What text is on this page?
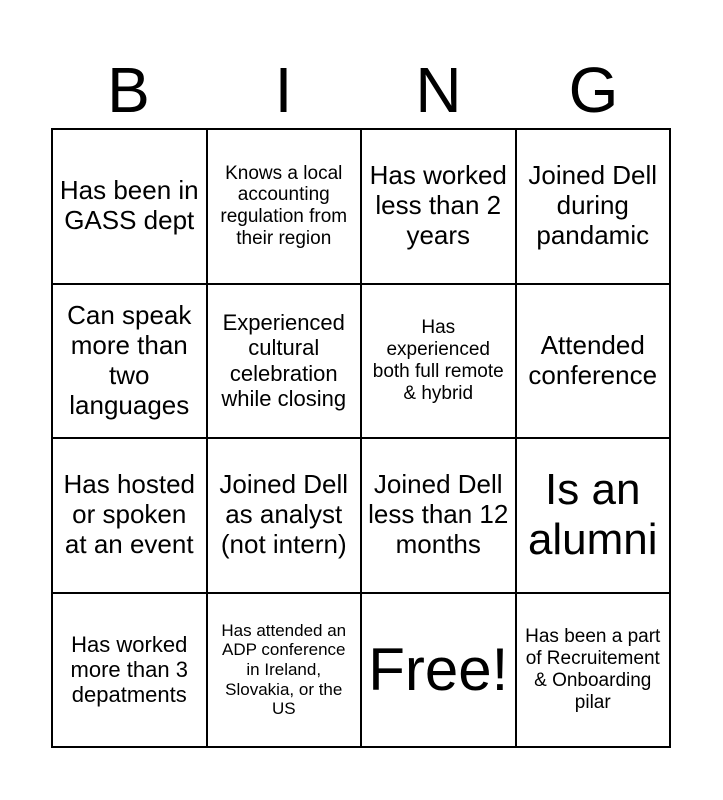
B	I	N	G
Has been in GASS dept
Knows a local accounting regulation from their region
Has worked less than 2 years
Joined Dell during pandamic
Can speak more than two languages
Experienced cultural celebration while closing
Has experienced both full remote & hybrid
Attended conference
Has hosted or spoken at an event
Joined Dell as analyst (not intern)
Joined Dell less than 12 months
Is an alumni
Has worked more than 3 depatments
Has attended an ADP conference in Ireland, Slovakia, or the US
Free! Has been a part of Recruitement & Onboarding pilar
